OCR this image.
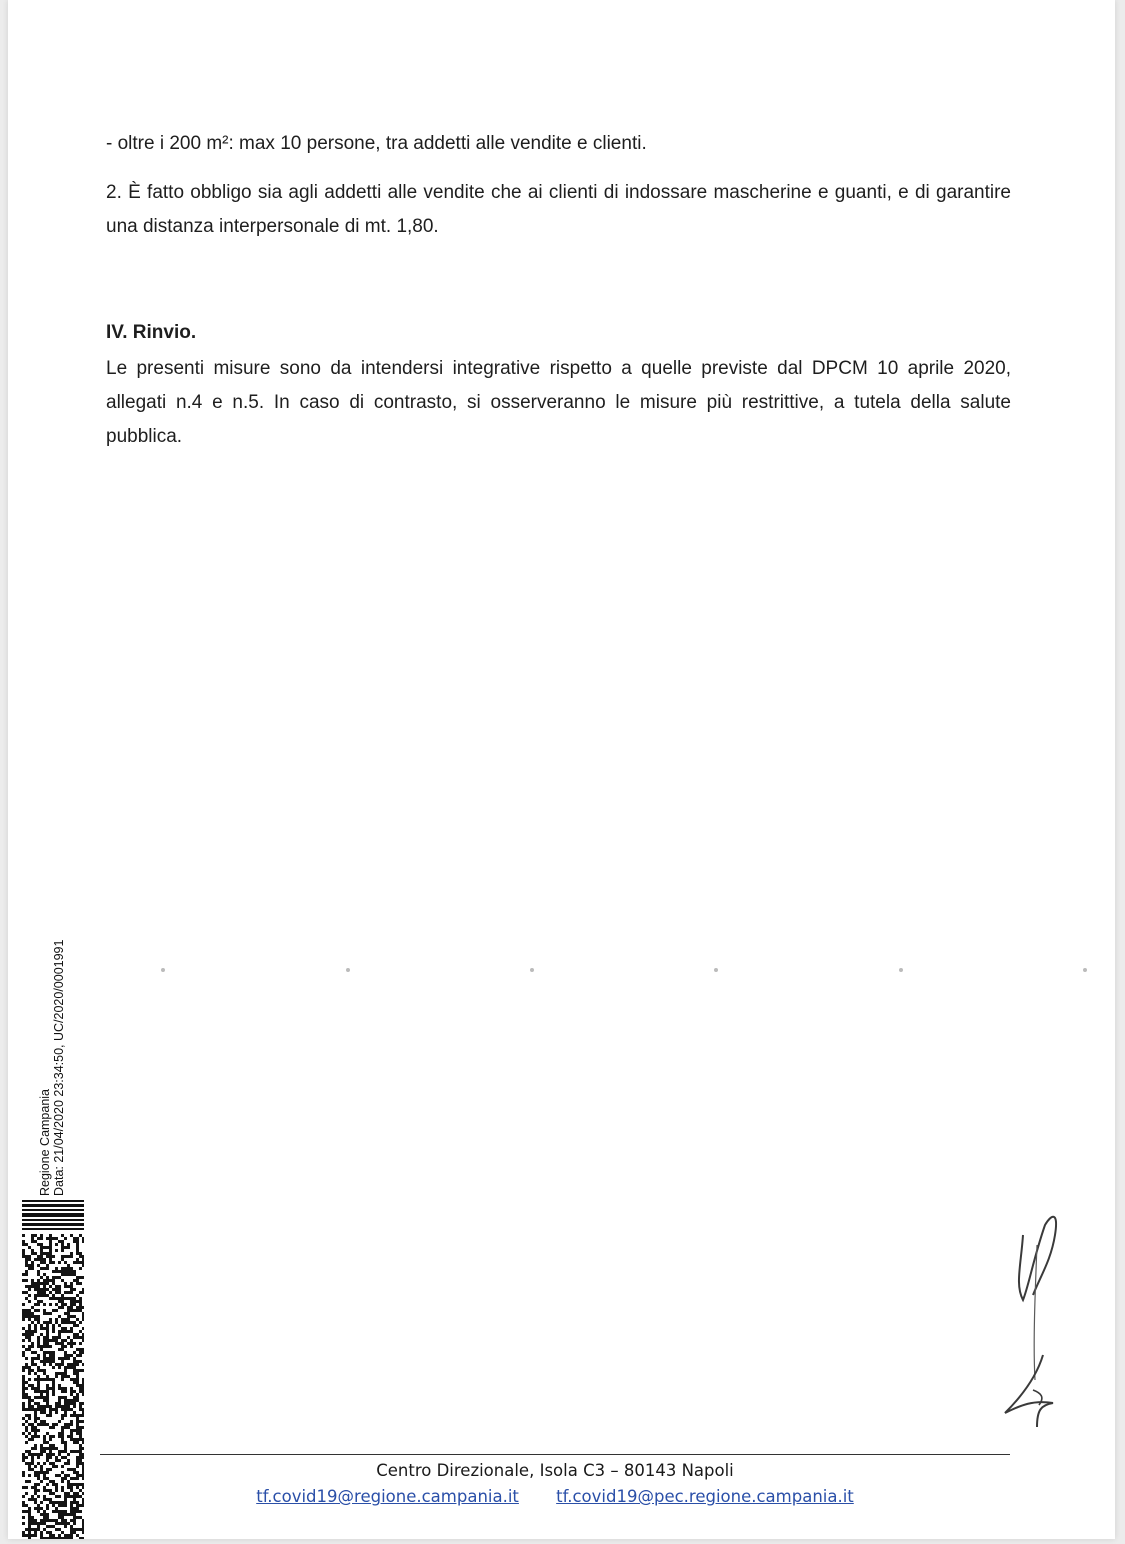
- oltre i 200 m²: max 10 persone, tra addetti alle vendite e clienti.
2. È fatto obbligo sia agli addetti alle vendite che ai clienti di indossare mascherine e guanti, e di garantire una distanza interpersonale di mt. 1,80.
IV. Rinvio.
Le presenti misure sono da intendersi integrative rispetto a quelle previste dal DPCM 10 aprile 2020, allegati n.4 e n.5. In caso di contrasto, si osserveranno le misure più restrittive, a tutela della salute pubblica.
Regione Campania Data: 21/04/2020 23:34:50, UC/2020/0001991
Centro Direzionale, Isola C3 – 80143 Napoli
tf.covid19@regione.campania.it tf.covid19@pec.regione.campania.it
